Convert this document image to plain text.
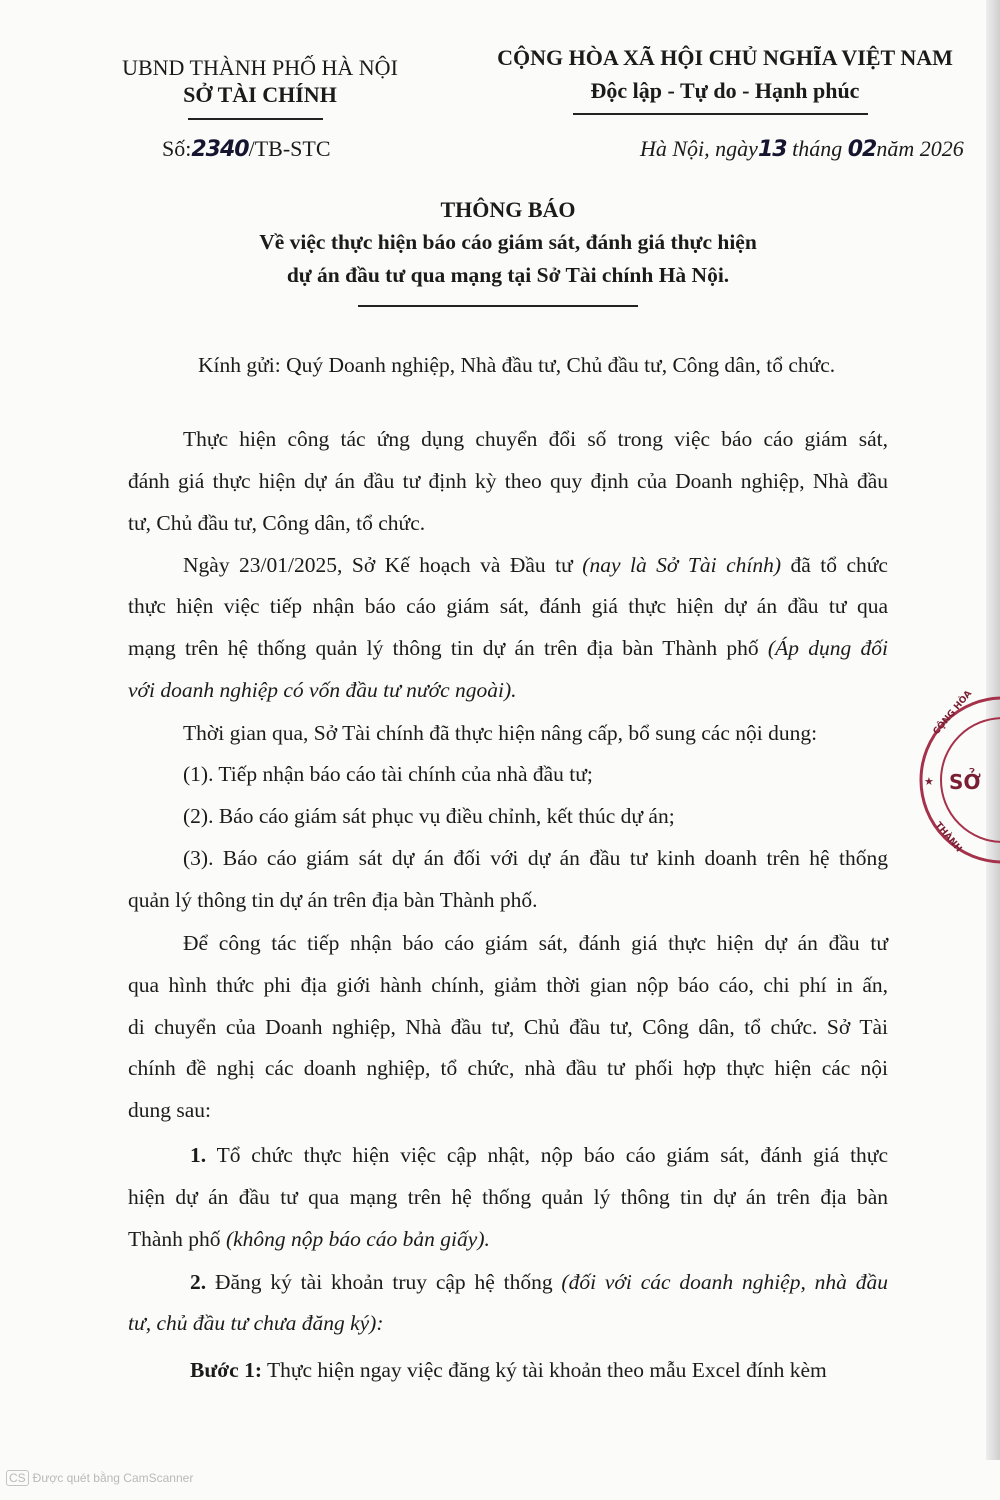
UBND THÀNH PHỐ HÀ NỘI
SỞ TÀI CHÍNH
CỘNG HÒA XÃ HỘI CHỦ NGHĨA VIỆT NAM
Độc lập - Tự do - Hạnh phúc
Số:2340/TB-STC	Hà Nội, ngày13 tháng 02năm 2026
THÔNG BÁO
Về việc thực hiện báo cáo giám sát, đánh giá thực hiện
dự án đầu tư qua mạng tại Sở Tài chính Hà Nội.
Kính gửi: Quý Doanh nghiệp, Nhà đầu tư, Chủ đầu tư, Công dân, tổ chức.
Thực hiện công tác ứng dụng chuyển đổi số trong việc báo cáo giám sát,
đánh giá thực hiện dự án đầu tư định kỳ theo quy định của Doanh nghiệp, Nhà đầu
tư, Chủ đầu tư, Công dân, tổ chức.
Ngày 23/01/2025, Sở Kế hoạch và Đầu tư (nay là Sở Tài chính) đã tổ chức
thực hiện việc tiếp nhận báo cáo giám sát, đánh giá thực hiện dự án đầu tư qua
mạng trên hệ thống quản lý thông tin dự án trên địa bàn Thành phố (Áp dụng đối
với doanh nghiệp có vốn đầu tư nước ngoài).
Thời gian qua, Sở Tài chính đã thực hiện nâng cấp, bổ sung các nội dung:
(1). Tiếp nhận báo cáo tài chính của nhà đầu tư;
(2). Báo cáo giám sát phục vụ điều chỉnh, kết thúc dự án;
(3). Báo cáo giám sát dự án đối với dự án đầu tư kinh doanh trên hệ thống
quản lý thông tin dự án trên địa bàn Thành phố.
Để công tác tiếp nhận báo cáo giám sát, đánh giá thực hiện dự án đầu tư
qua hình thức phi địa giới hành chính, giảm thời gian nộp báo cáo, chi phí in ấn,
di chuyển của Doanh nghiệp, Nhà đầu tư, Chủ đầu tư, Công dân, tổ chức. Sở Tài
chính đề nghị các doanh nghiệp, tổ chức, nhà đầu tư phối hợp thực hiện các nội
dung sau:
1. Tổ chức thực hiện việc cập nhật, nộp báo cáo giám sát, đánh giá thực
hiện dự án đầu tư qua mạng trên hệ thống quản lý thông tin dự án trên địa bàn
Thành phố (không nộp báo cáo bản giấy).
2. Đăng ký tài khoản truy cập hệ thống (đối với các doanh nghiệp, nhà đầu
tư, chủ đầu tư chưa đăng ký):
Bước 1: Thực hiện ngay việc đăng ký tài khoản theo mẫu Excel đính kèm
CỘNG HÒA
★ SỞ
THÀNH
CS Được quét bằng CamScanner
